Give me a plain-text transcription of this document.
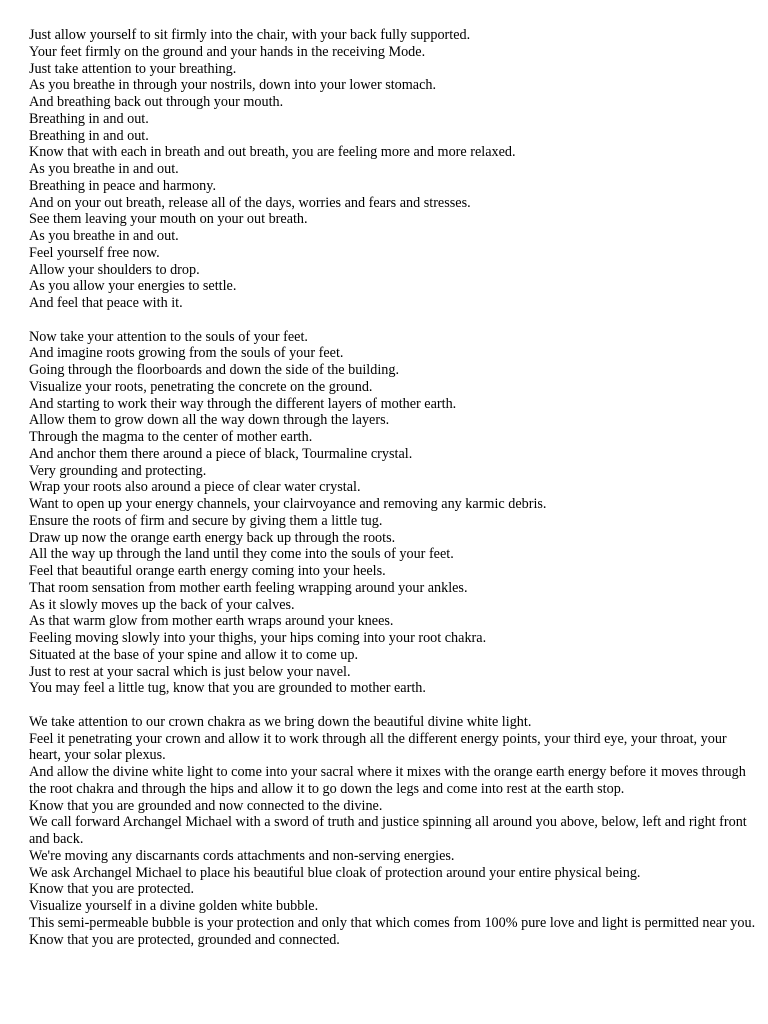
Just allow yourself to sit firmly into the chair, with your back fully supported.

Your feet firmly on the ground and your hands in the receiving Mode.

Just take attention to your breathing.

As you breathe in through your nostrils, down into your lower stomach.

And breathing back out through your mouth.

Breathing in and out.

Breathing in and out.

Know that with each in breath and out breath, you are feeling more and more relaxed.

As you breathe in and out.

Breathing in peace and harmony.

And on your out breath, release all of the days, worries and fears and stresses.

See them leaving your mouth on your out breath.

As you breathe in and out.

Feel yourself free now.

Allow your shoulders to drop.

As you allow your energies to settle.

And feel that peace with it.

Now take your attention to the souls of your feet.

And imagine roots growing from the souls of your feet.

Going through the floorboards and down the side of the building.

Visualize your roots, penetrating the concrete on the ground.

And starting to work their way through the different layers of mother earth.

Allow them to grow down all the way down through the layers.

Through the magma to the center of mother earth.

And anchor them there around a piece of black, Tourmaline crystal.

Very grounding and protecting.

Wrap your roots also around a piece of clear water crystal.

Want to open up your energy channels, your clairvoyance and removing any karmic debris.

Ensure the roots of firm and secure by giving them a little tug.

Draw up now the orange earth energy back up through the roots.

All the way up through the land until they come into the souls of your feet.

Feel that beautiful orange earth energy coming into your heels.

That room sensation from mother earth feeling wrapping around your ankles.

As it slowly moves up the back of your calves.

As that warm glow from mother earth wraps around your knees.

Feeling moving slowly into your thighs, your hips coming into your root chakra.

Situated at the base of your spine and allow it to come up.

Just to rest at your sacral which is just below your navel.

You may feel a little tug, know that you are grounded to mother earth.

We take attention to our crown chakra as we bring down the beautiful divine white light.

Feel it penetrating your crown and allow it to work through all the different energy points, your third eye, your throat, your heart, your solar plexus.

And allow the divine white light to come into your sacral where it mixes with the orange earth energy before it moves through the root chakra and through the hips and allow it to go down the legs and come into rest at the earth stop.

Know that you are grounded and now connected to the divine.

We call forward Archangel Michael with a sword of truth and justice spinning all around you above, below, left and right front and back.

We're moving any discarnants cords attachments and non-serving energies.

We ask Archangel Michael to place his beautiful blue cloak of protection around your entire physical being.

Know that you are protected.

Visualize yourself in a divine golden white bubble.

This semi-permeable bubble is your protection and only that which comes from 100% pure love and light is permitted near you.

Know that you are protected, grounded and connected.
